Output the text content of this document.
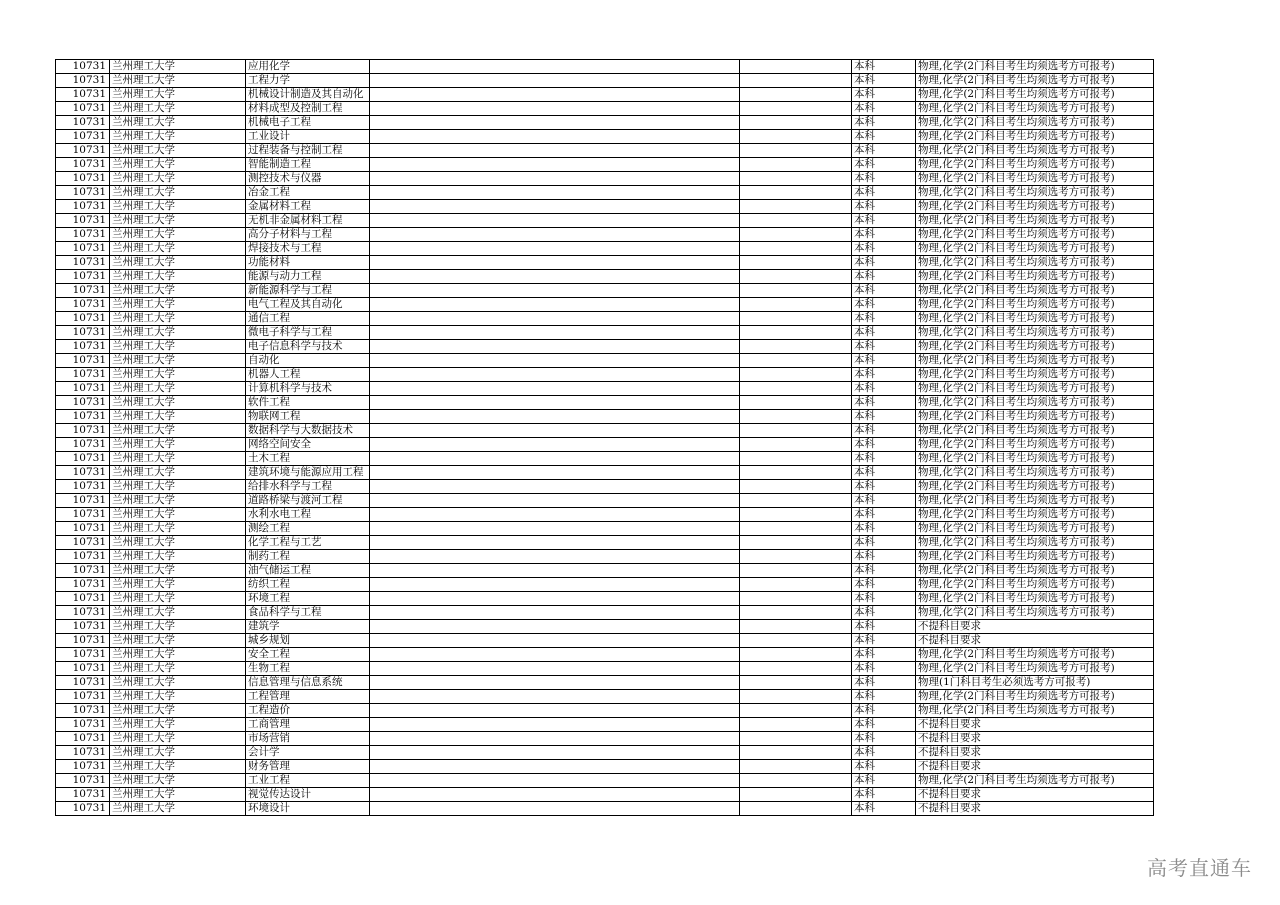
10731	兰州理工大学	应用化学			本科	物理,化学(2门科目考生均须选考方可报考)
10731	兰州理工大学	工程力学			本科	物理,化学(2门科目考生均须选考方可报考)
10731	兰州理工大学	机械设计制造及其自动化			本科	物理,化学(2门科目考生均须选考方可报考)
10731	兰州理工大学	材料成型及控制工程			本科	物理,化学(2门科目考生均须选考方可报考)
10731	兰州理工大学	机械电子工程			本科	物理,化学(2门科目考生均须选考方可报考)
10731	兰州理工大学	工业设计			本科	物理,化学(2门科目考生均须选考方可报考)
10731	兰州理工大学	过程装备与控制工程			本科	物理,化学(2门科目考生均须选考方可报考)
10731	兰州理工大学	智能制造工程			本科	物理,化学(2门科目考生均须选考方可报考)
10731	兰州理工大学	测控技术与仪器			本科	物理,化学(2门科目考生均须选考方可报考)
10731	兰州理工大学	冶金工程			本科	物理,化学(2门科目考生均须选考方可报考)
10731	兰州理工大学	金属材料工程			本科	物理,化学(2门科目考生均须选考方可报考)
10731	兰州理工大学	无机非金属材料工程			本科	物理,化学(2门科目考生均须选考方可报考)
10731	兰州理工大学	高分子材料与工程			本科	物理,化学(2门科目考生均须选考方可报考)
10731	兰州理工大学	焊接技术与工程			本科	物理,化学(2门科目考生均须选考方可报考)
10731	兰州理工大学	功能材料			本科	物理,化学(2门科目考生均须选考方可报考)
10731	兰州理工大学	能源与动力工程			本科	物理,化学(2门科目考生均须选考方可报考)
10731	兰州理工大学	新能源科学与工程			本科	物理,化学(2门科目考生均须选考方可报考)
10731	兰州理工大学	电气工程及其自动化			本科	物理,化学(2门科目考生均须选考方可报考)
10731	兰州理工大学	通信工程			本科	物理,化学(2门科目考生均须选考方可报考)
10731	兰州理工大学	微电子科学与工程			本科	物理,化学(2门科目考生均须选考方可报考)
10731	兰州理工大学	电子信息科学与技术			本科	物理,化学(2门科目考生均须选考方可报考)
10731	兰州理工大学	自动化			本科	物理,化学(2门科目考生均须选考方可报考)
10731	兰州理工大学	机器人工程			本科	物理,化学(2门科目考生均须选考方可报考)
10731	兰州理工大学	计算机科学与技术			本科	物理,化学(2门科目考生均须选考方可报考)
10731	兰州理工大学	软件工程			本科	物理,化学(2门科目考生均须选考方可报考)
10731	兰州理工大学	物联网工程			本科	物理,化学(2门科目考生均须选考方可报考)
10731	兰州理工大学	数据科学与大数据技术			本科	物理,化学(2门科目考生均须选考方可报考)
10731	兰州理工大学	网络空间安全			本科	物理,化学(2门科目考生均须选考方可报考)
10731	兰州理工大学	土木工程			本科	物理,化学(2门科目考生均须选考方可报考)
10731	兰州理工大学	建筑环境与能源应用工程			本科	物理,化学(2门科目考生均须选考方可报考)
10731	兰州理工大学	给排水科学与工程			本科	物理,化学(2门科目考生均须选考方可报考)
10731	兰州理工大学	道路桥梁与渡河工程			本科	物理,化学(2门科目考生均须选考方可报考)
10731	兰州理工大学	水利水电工程			本科	物理,化学(2门科目考生均须选考方可报考)
10731	兰州理工大学	测绘工程			本科	物理,化学(2门科目考生均须选考方可报考)
10731	兰州理工大学	化学工程与工艺			本科	物理,化学(2门科目考生均须选考方可报考)
10731	兰州理工大学	制药工程			本科	物理,化学(2门科目考生均须选考方可报考)
10731	兰州理工大学	油气储运工程			本科	物理,化学(2门科目考生均须选考方可报考)
10731	兰州理工大学	纺织工程			本科	物理,化学(2门科目考生均须选考方可报考)
10731	兰州理工大学	环境工程			本科	物理,化学(2门科目考生均须选考方可报考)
10731	兰州理工大学	食品科学与工程			本科	物理,化学(2门科目考生均须选考方可报考)
10731	兰州理工大学	建筑学			本科	不提科目要求
10731	兰州理工大学	城乡规划			本科	不提科目要求
10731	兰州理工大学	安全工程			本科	物理,化学(2门科目考生均须选考方可报考)
10731	兰州理工大学	生物工程			本科	物理,化学(2门科目考生均须选考方可报考)
10731	兰州理工大学	信息管理与信息系统			本科	物理(1门科目考生必须选考方可报考)
10731	兰州理工大学	工程管理			本科	物理,化学(2门科目考生均须选考方可报考)
10731	兰州理工大学	工程造价			本科	物理,化学(2门科目考生均须选考方可报考)
10731	兰州理工大学	工商管理			本科	不提科目要求
10731	兰州理工大学	市场营销			本科	不提科目要求
10731	兰州理工大学	会计学			本科	不提科目要求
10731	兰州理工大学	财务管理			本科	不提科目要求
10731	兰州理工大学	工业工程			本科	物理,化学(2门科目考生均须选考方可报考)
10731	兰州理工大学	视觉传达设计			本科	不提科目要求
10731	兰州理工大学	环境设计			本科	不提科目要求
高考直通车
